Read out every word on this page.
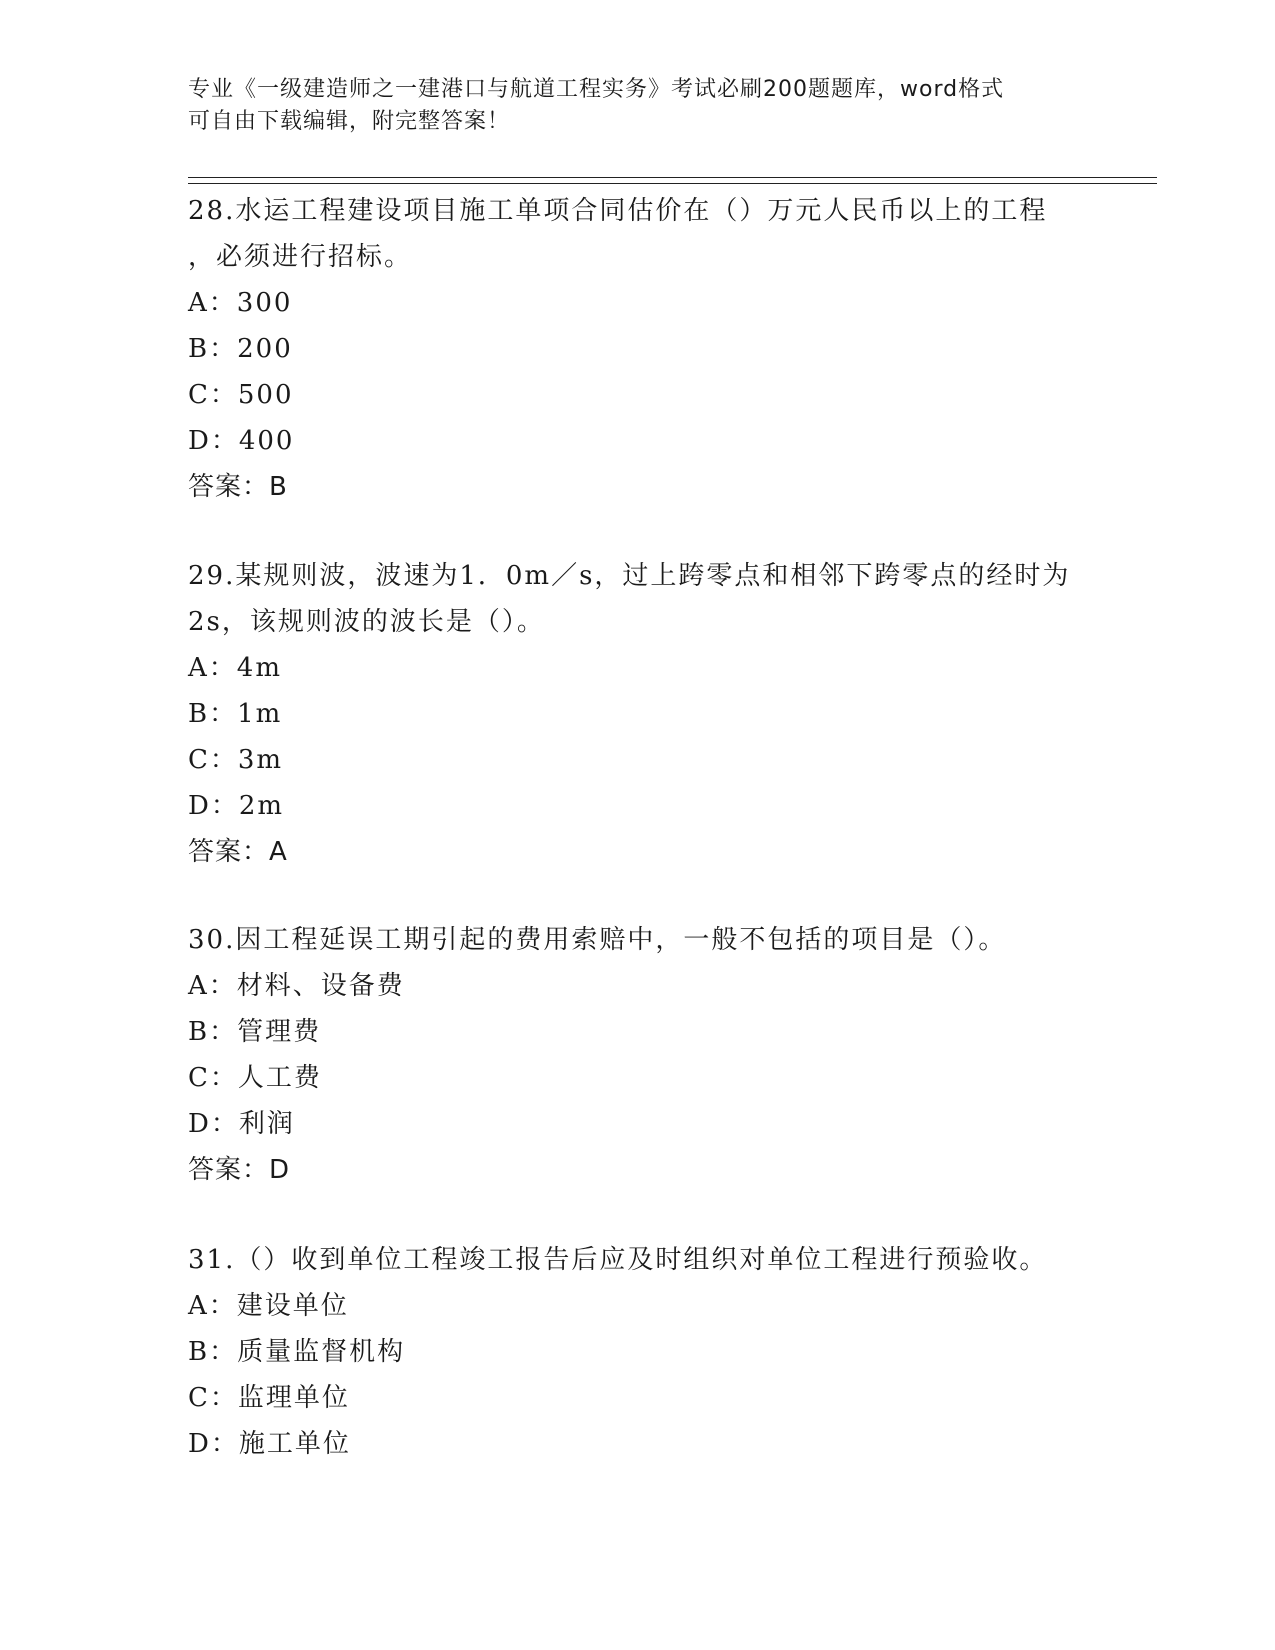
专业《一级建造师之一建港口与航道工程实务》考试必刷200题题库，word格式
可自由下载编辑，附完整答案！

28.水运工程建设项目施工单项合同估价在（）万元人民币以上的工程

，必须进行招标。

A：300

B：200

C：500

D：400

答案：B

29.某规则波，波速为1．0m／s，过上跨零点和相邻下跨零点的经时为

2s，该规则波的波长是（）。

A：4m

B：1m

C：3m

D：2m

答案：A

30.因工程延误工期引起的费用索赔中，一般不包括的项目是（）。

A：材料、设备费

B：管理费

C：人工费

D：利润

答案：D

31.（）收到单位工程竣工报告后应及时组织对单位工程进行预验收。

A：建设单位

B：质量监督机构

C：监理单位

D：施工单位
